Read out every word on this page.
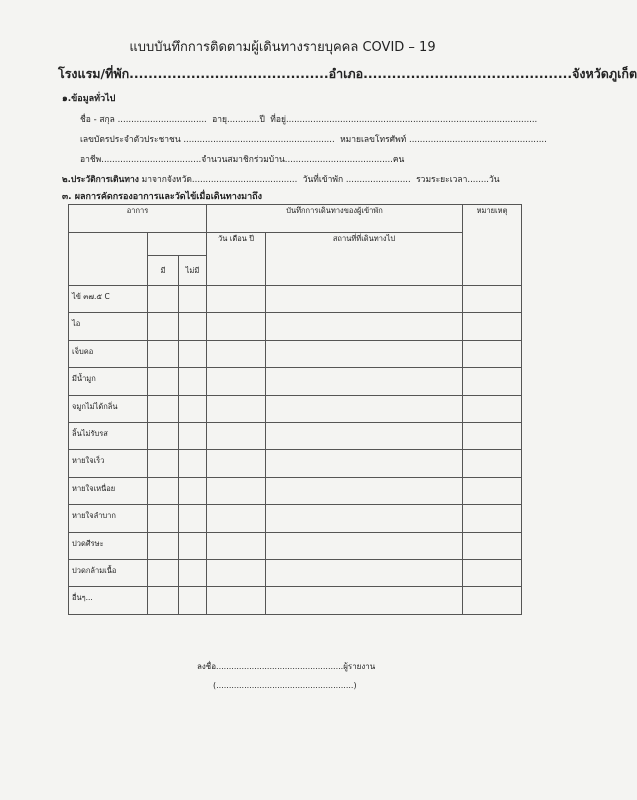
แบบบันทึกการติดตามผู้เดินทางรายบุคคล COVID – 19
โรงแรม/ที่พัก..........................................อำเภอ............................................จังหวัดภูเก็ต
๑.ข้อมูลทั่วไป
ชื่อ - สกุล ................................. อายุ............ปี ที่อยู่.............................................................................................
เลขบัตรประจำตัวประชาชน ........................................................ หมายเลขโทรศัพท์ ...................................................
อาชีพ.....................................จำนวนสมาชิกร่วมบ้าน........................................คน
๒.ประวัติการเดินทาง มาจากจังหวัด....................................... วันที่เข้าพัก ........................ รวมระยะเวลา........วัน
๓. ผลการคัดกรองอาการและวัดไข้เมื่อเดินทางมาถึง
อาการ			บันทึกการเดินทางของผู้เข้าพัก		หมายเหตุ
			วัน เดือน ปี	สถานที่ที่เดินทางไป	
	มี	ไม่มี			
ไข้ ๓๗.๕ C					
ไอ					
เจ็บคอ					
มีน้ำมูก					
จมูกไม่ได้กลิ่น					
ลิ้นไม่รับรส					
หายใจเร็ว					
หายใจเหนื่อย					
หายใจลำบาก					
ปวดศีรษะ					
ปวดกล้ามเนื้อ					
อื่นๆ...					
ลงชื่อ..................................................ผู้รายงาน
(......................................................)
